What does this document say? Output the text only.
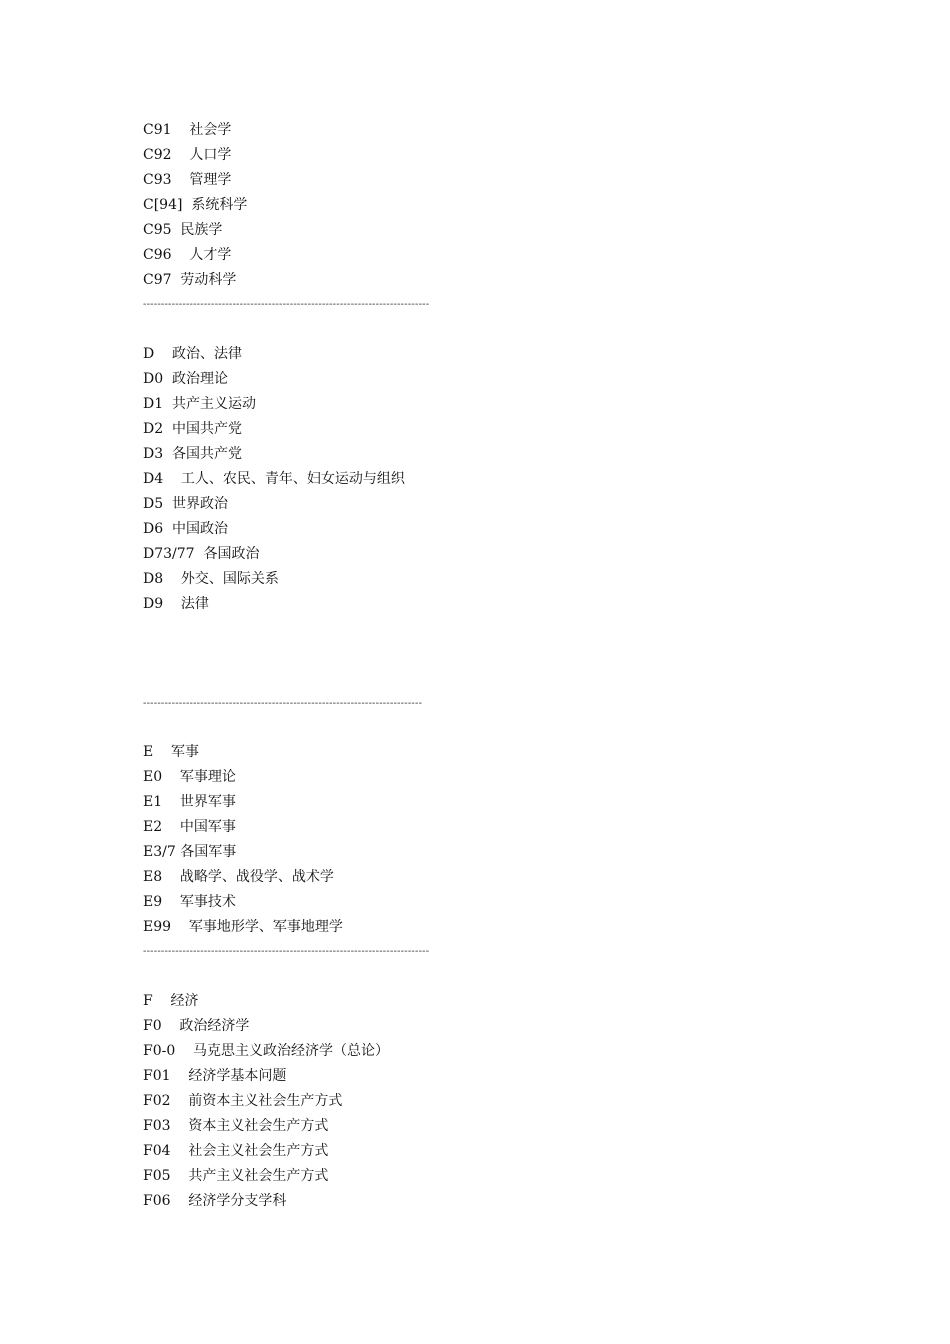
C91    社会学
C92    人口学
C93    管理学
C[94]  系统科学
C95  民族学
C96    人才学
C97  劳动科学
--------------------------------------------------------------------------------
D    政治、法律
D0  政治理论
D1  共产主义运动
D2  中国共产党
D3  各国共产党
D4    工人、农民、青年、妇女运动与组织
D5  世界政治
D6  中国政治
D73/77  各国政治
D8    外交、国际关系
D9    法律
------------------------------------------------------------------------------
E    军事
E0    军事理论
E1    世界军事
E2    中国军事
E3/7 各国军事
E8    战略学、战役学、战术学
E9    军事技术
E99    军事地形学、军事地理学
--------------------------------------------------------------------------------
F    经济
F0    政治经济学
F0-0    马克思主义政治经济学（总论）
F01    经济学基本问题
F02    前资本主义社会生产方式
F03    资本主义社会生产方式
F04    社会主义社会生产方式
F05    共产主义社会生产方式
F06    经济学分支学科
